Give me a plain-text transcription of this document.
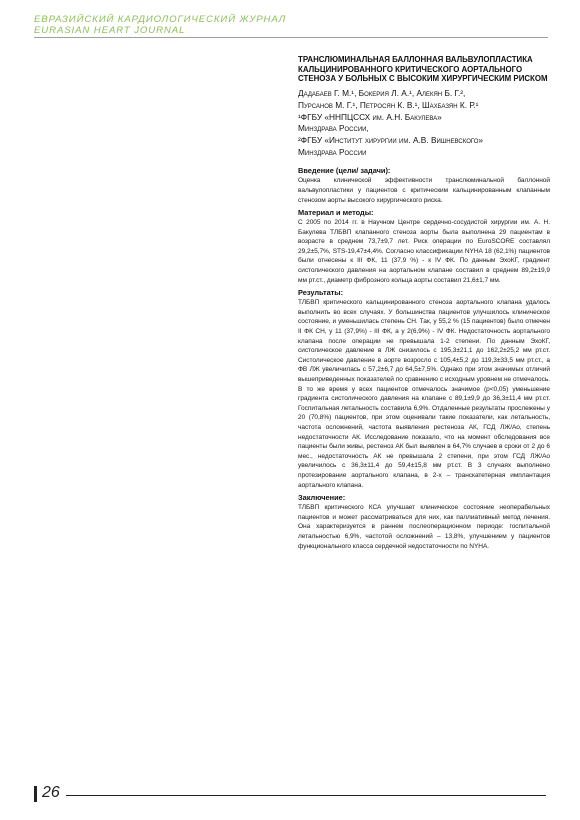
ЕВРАЗИЙСКИЙ КАРДИОЛОГИЧЕСКИЙ ЖУРНАЛ
EURASIAN HEART JOURNAL
ТРАНСЛЮМИНАЛЬНАЯ БАЛЛОННАЯ ВАЛЬВУЛОПЛАСТИКА КАЛЬЦИНИРОВАННОГО КРИТИЧЕСКОГО АОРТАЛЬНОГО СТЕНОЗА У БОЛЬНЫХ С ВЫСОКИМ ХИРУРГИЧЕСКИМ РИСКОМ
Дадабаев Г. М.¹, Бокерия Л. А.¹, Алекян Б. Г.²,
Пурсанов М. Г.¹, Петросян К. В.¹, Шахбазян К. Р.¹
¹ФГБУ «ННПЦССХ им. А.Н. Бакулева»
Минздрава России,
²ФГБУ «Институт хирургии им. А.В. Вишневского»
Минздрава России
Введение (цели/ задачи):
Оценка клинической эффективности транслюминальной баллонной вальвулопластики у пациентов с критическим кальцинированным клапанным стенозом аорты высокого хирургического риска.
Материал и методы:
С 2005 по 2014 гг. в Научном Центре сердечно-сосудистой хирургии им. А. Н. Бакулева ТЛБВП клапанного стеноза аорты была выполнена 29 пациентам в возрасте в среднем 73,7±9,7 лет. Риск операции по EuroSCORE составлял 29,2±5,7%, STS-19,47±4,4%. Согласно классификации NYHA 18 (62,1%) пациентов были отнесены к III ФК, 11 (37,9 %) - к IV ФК. По данным ЭхоКГ, градиент систолического давления на аортальном клапане составил в среднем 89,2±19,9 мм рт.ст., диаметр фиброзного кольца аорты составил 21,6±1,7 мм.
Результаты:
ТЛБВП критического кальцинированного стеноза аортального клапана удалось выполнить во всех случаях. У большинства пациентов улучшилось клиническое состояние, и уменьшилась степень СН. Так, у 55,2 % (15 пациентов) было отмечен II ФК СН, у 11 (37,9%) - III ФК, а у 2(6,9%) - IV ФК. Недостаточность аортального клапана после операции не превышала 1-2 степени. По данным ЭхоКГ, систолическое давление в ЛЖ снизилось с 195,3±21,1 до 162,2±25,2 мм рт.ст. Систолическое давление в аорте возросло с 105,4±5,2 до 119,3±33,5 мм рт.ст., а ФВ ЛЖ увеличилась с 57,2±6,7 до 64,5±7,5%. Однако при этом значимых отличий вышеприведенных показателей по сравнению с исходным уровнем не отмечалось. В то же время у всех пациентов отмечалось значимое (p<0,05) уменьшение градиента систолического давления на клапане с 89,1±9,9 до 36,3±11,4 мм рт.ст. Госпитальная летальность составила 6,9%. Отдаленные результаты прослежены у 20 (70,8%) пациентов, при этом оценивали такие показатели, как летальность, частота осложнений, частота выявления рестеноза АК, ГСД ЛЖ/Ао, степень недостаточности АК. Исследование показало, что на момент обследования все пациенты были живы, рестеноз АК был выявлен в 64,7% случаев в сроки от 2 до 6 мес., недостаточность АК не превышала 2 степени, при этом ГСД ЛЖ/Ао увеличилось с 36,3±11,4 до 59,4±15,8 мм рт.ст. В 3 случаях выполнено протезирование аортального клапана, в 2-х – транскатетерная имплантация аортального клапана.
Заключение:
ТЛБВП критического КСА улучшает клиническое состояние неоперабельных пациентов и может рассматриваться для них, как паллиативный метод лечения. Она характеризуется в раннем послеоперационном периоде: госпитальной летальностью 6,9%, частотой осложнений – 13,8%, улучшением у пациентов функционального класса сердечной недостаточности по NYHA.
26
